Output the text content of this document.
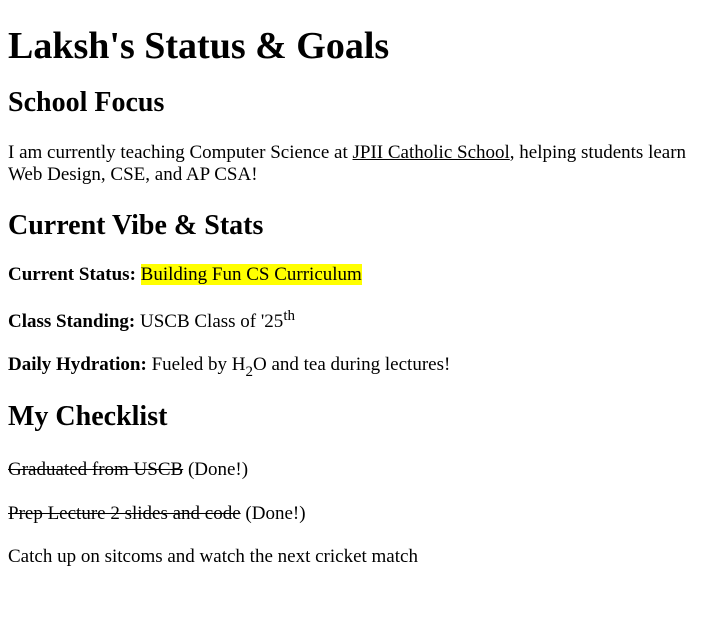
Laksh's Status & Goals
School Focus

I am currently teaching Computer Science at JPII Catholic School, helping students learn Web Design, CSE, and AP CSA!

Current Vibe & Stats

Current Status: Building Fun CS Curriculum

Class Standing: USCB Class of '25th

Daily Hydration: Fueled by $H_2O$ and tea during lectures!

My Checklist

Graduated from USCB (Done!)

Prep Lecture 2 slides and code (Done!)

Catch up on sitcoms and watch the next cricket match
